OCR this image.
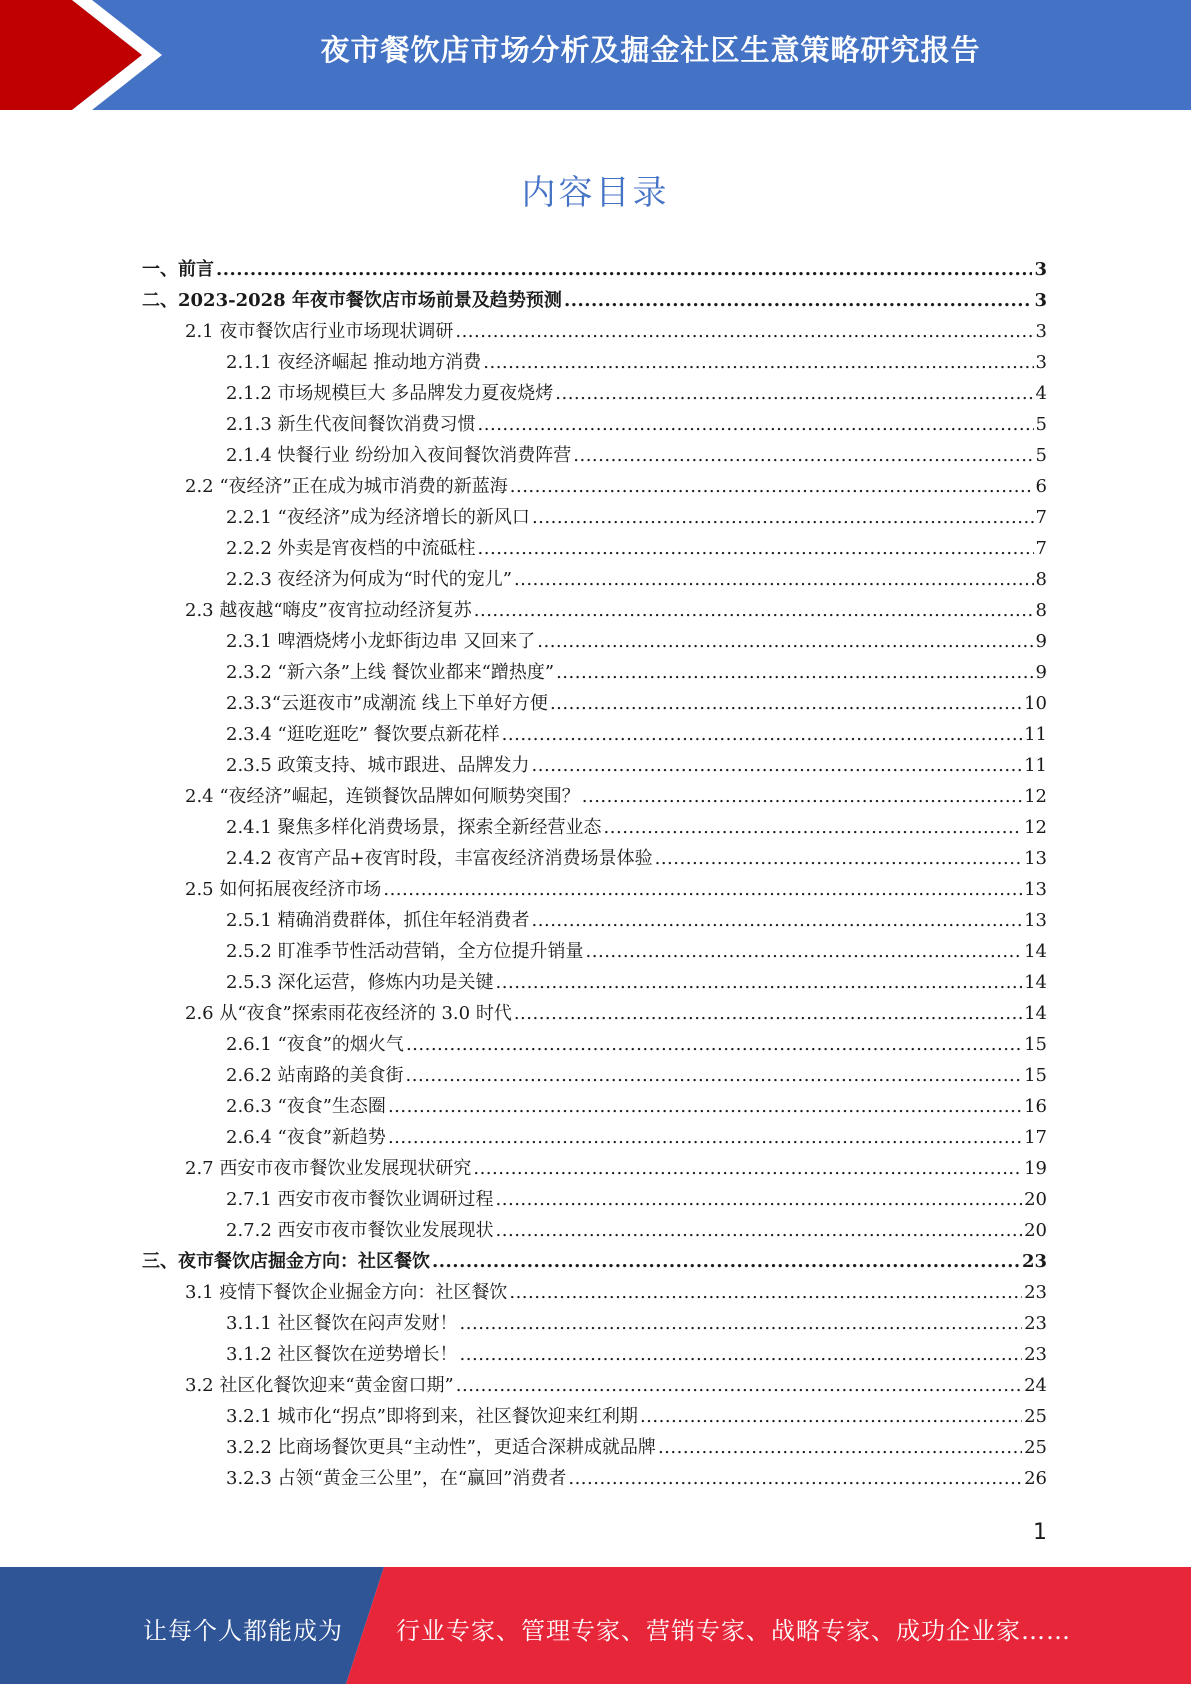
夜市餐饮店市场分析及掘金社区生意策略研究报告
内容目录
一、前言 .....	3
二、2023-2028 年夜市餐饮店市场前景及趋势预测 .....	3
2.1 夜市餐饮店行业市场现状调研 .....	3
2.1.1 夜经济崛起 推动地方消费 .....	3
2.1.2 市场规模巨大 多品牌发力夏夜烧烤 .....	4
2.1.3 新生代夜间餐饮消费习惯 .....	5
2.1.4 快餐行业 纷纷加入夜间餐饮消费阵营 .....	5
2.2 “夜经济”正在成为城市消费的新蓝海 .....	6
2.2.1 “夜经济”成为经济增长的新风口 .....	7
2.2.2 外卖是宵夜档的中流砥柱 .....	7
2.2.3 夜经济为何成为“时代的宠儿” .....	8
2.3 越夜越“嗨皮”夜宵拉动经济复苏 .....	8
2.3.1 啤酒烧烤小龙虾街边串 又回来了 .....	9
2.3.2 “新六条”上线 餐饮业都来“蹭热度” .....	9
2.3.3“云逛夜市”成潮流 线上下单好方便 .....	10
2.3.4 “逛吃逛吃” 餐饮要点新花样 .....	11
2.3.5 政策支持、城市跟进、品牌发力 .....	11
2.4 “夜经济”崛起，连锁餐饮品牌如何顺势突围？ .....	12
2.4.1 聚焦多样化消费场景，探索全新经营业态 .....	12
2.4.2 夜宵产品+夜宵时段，丰富夜经济消费场景体验 .....	13
2.5 如何拓展夜经济市场 .....	13
2.5.1 精确消费群体，抓住年轻消费者 .....	13
2.5.2 盯准季节性活动营销，全方位提升销量 .....	14
2.5.3 深化运营，修炼内功是关键 .....	14
2.6 从“夜食”探索雨花夜经济的 3.0 时代 .....	14
2.6.1 “夜食”的烟火气 .....	15
2.6.2 站南路的美食街 .....	15
2.6.3 “夜食”生态圈 .....	16
2.6.4 “夜食”新趋势 .....	17
2.7 西安市夜市餐饮业发展现状研究 .....	19
2.7.1 西安市夜市餐饮业调研过程 .....	20
2.7.2 西安市夜市餐饮业发展现状 .....	20
三、夜市餐饮店掘金方向：社区餐饮 .....	23
3.1 疫情下餐饮企业掘金方向：社区餐饮 .....	23
3.1.1 社区餐饮在闷声发财！ .....	23
3.1.2 社区餐饮在逆势增长！ .....	23
3.2 社区化餐饮迎来“黄金窗口期” .....	24
3.2.1 城市化“拐点”即将到来，社区餐饮迎来红利期 .....	25
3.2.2 比商场餐饮更具“主动性”，更适合深耕成就品牌 .....	25
3.2.3 占领“黄金三公里”，在“赢回”消费者 .....	26
1
让每个人都能成为 行业专家、管理专家、营销专家、战略专家、成功企业家……
